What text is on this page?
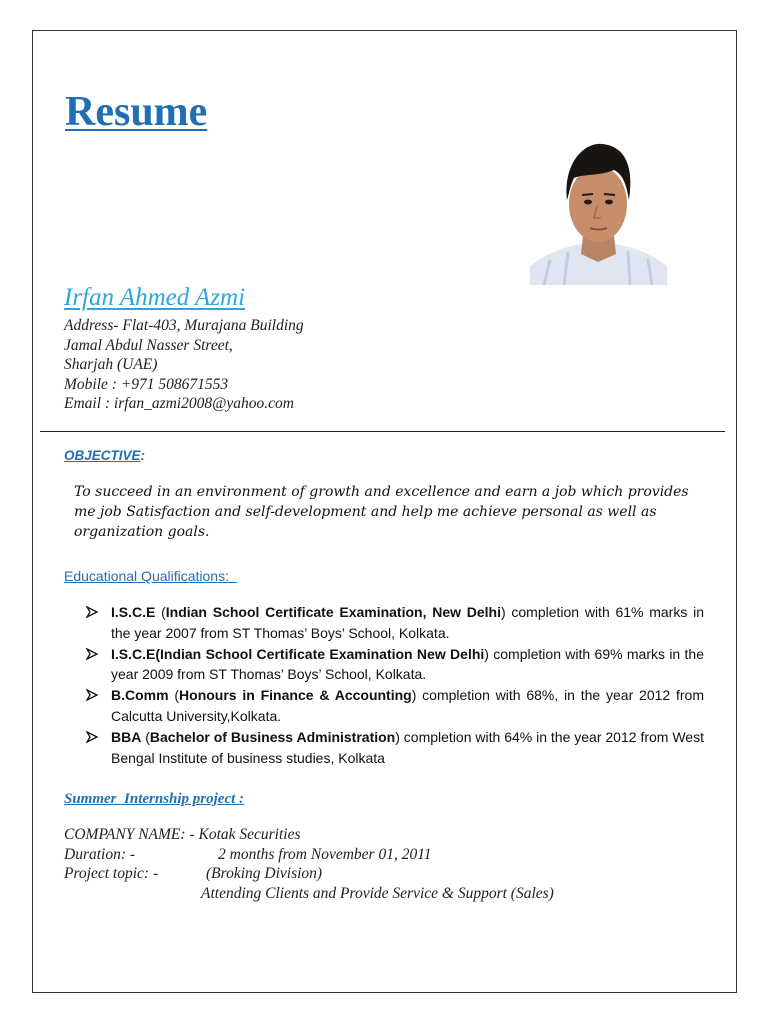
Resume
Irfan Ahmed Azmi
Address- Flat-403, Murajana Building
Jamal Abdul Nasser Street,
Sharjah (UAE)
Mobile : +971 508671553
Email : irfan_azmi2008@yahoo.com
OBJECTIVE:
To succeed in an environment of growth and excellence and earn a job which provides me job Satisfaction and self-development and help me achieve personal as well as organization goals.
Educational Qualifications:
I.S.C.E (Indian School Certificate Examination, New Delhi) completion with 61% marks in the year 2007 from ST Thomas’ Boys’ School, Kolkata.
I.S.C.E(Indian School Certificate Examination New Delhi) completion with 69% marks in the year 2009 from ST Thomas’ Boys’ School, Kolkata.
B.Comm (Honours in Finance & Accounting) completion with 68%, in the year 2012 from Calcutta University,Kolkata.
BBA (Bachelor of Business Administration) completion with 64% in the year 2012 from West Bengal Institute of business studies, Kolkata
Summer  Internship project :
COMPANY NAME: - Kotak Securities
Duration: -	2 months from November 01, 2011
Project topic: -	(Broking Division)
Attending Clients and Provide Service & Support (Sales)
